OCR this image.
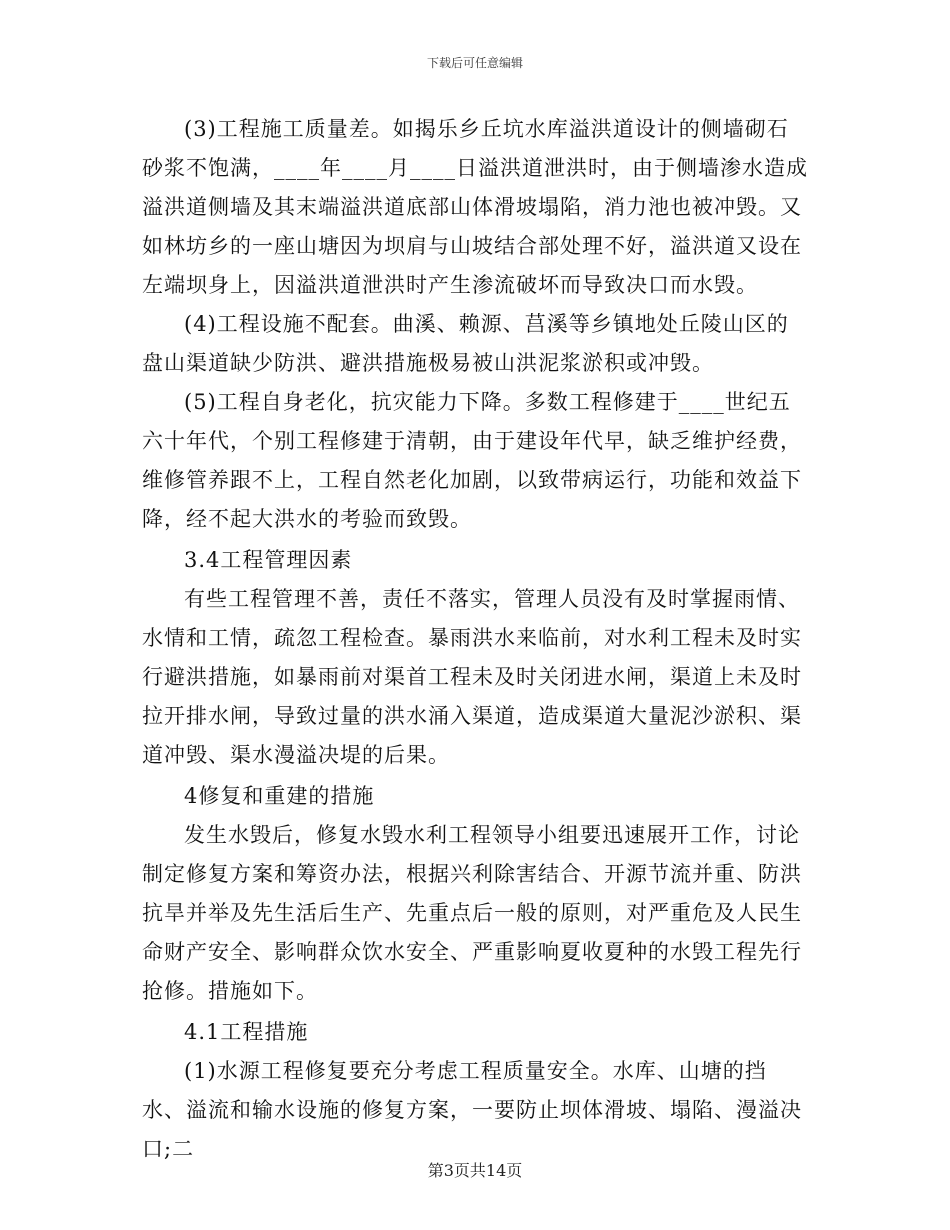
下载后可任意编辑

(3)工程施工质量差。如揭乐乡丘坑水库溢洪道设计的侧墙砌石砂浆不饱满，____年____月____日溢洪道泄洪时，由于侧墙渗水造成溢洪道侧墙及其末端溢洪道底部山体滑坡塌陷，消力池也被冲毁。又如林坊乡的一座山塘因为坝肩与山坡结合部处理不好，溢洪道又设在左端坝身上，因溢洪道泄洪时产生渗流破坏而导致决口而水毁。

(4)工程设施不配套。曲溪、赖源、莒溪等乡镇地处丘陵山区的盘山渠道缺少防洪、避洪措施极易被山洪泥浆淤积或冲毁。

(5)工程自身老化，抗灾能力下降。多数工程修建于____世纪五六十年代，个别工程修建于清朝，由于建设年代早，缺乏维护经费，维修管养跟不上，工程自然老化加剧，以致带病运行，功能和效益下降，经不起大洪水的考验而致毁。

3.4工程管理因素

有些工程管理不善，责任不落实，管理人员没有及时掌握雨情、水情和工情，疏忽工程检查。暴雨洪水来临前，对水利工程未及时实行避洪措施，如暴雨前对渠首工程未及时关闭进水闸，渠道上未及时拉开排水闸，导致过量的洪水涌入渠道，造成渠道大量泥沙淤积、渠道冲毁、渠水漫溢决堤的后果。

4修复和重建的措施

发生水毁后，修复水毁水利工程领导小组要迅速展开工作，讨论制定修复方案和筹资办法，根据兴利除害结合、开源节流并重、防洪抗旱并举及先生活后生产、先重点后一般的原则，对严重危及人民生命财产安全、影响群众饮水安全、严重影响夏收夏种的水毁工程先行抢修。措施如下。

4.1工程措施

(1)水源工程修复要充分考虑工程质量安全。水库、山塘的挡水、溢流和输水设施的修复方案，一要防止坝体滑坡、塌陷、漫溢决口;二

第3页共14页
